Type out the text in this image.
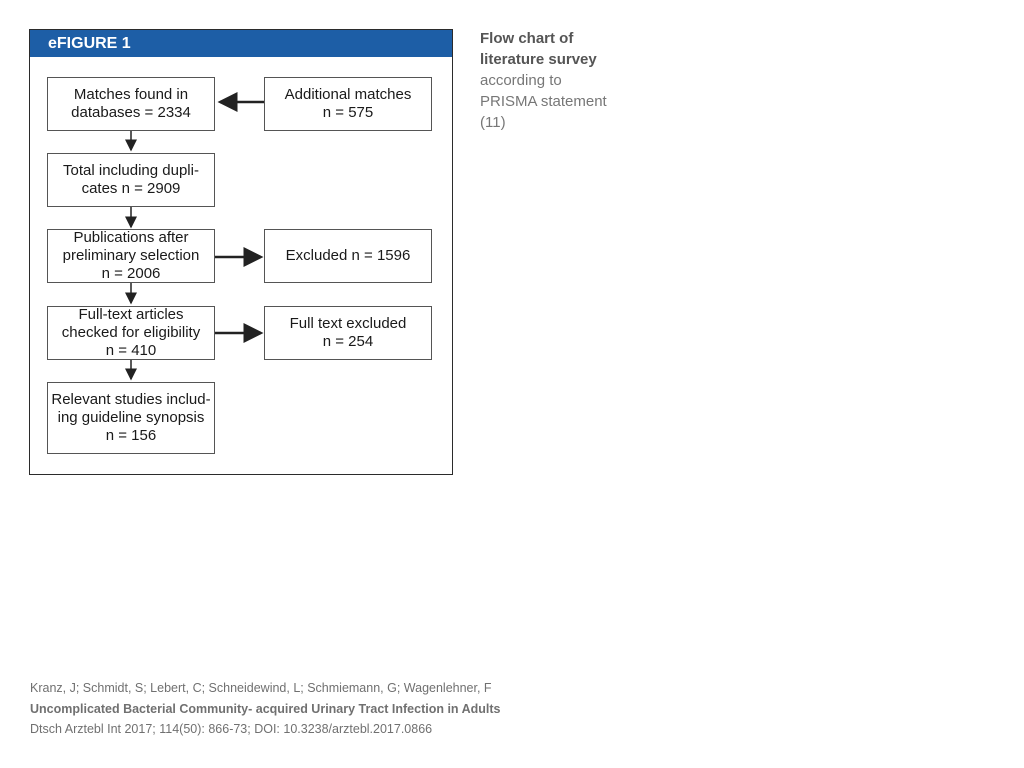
eFIGURE 1
Matches found in
databases = 2334
Additional matches
n = 575
Total including dupli-
cates n = 2909
Publications after
preliminary selection
n = 2006
Excluded n = 1596
Full-text articles
checked for eligibility
n = 410
Full text excluded
n = 254
Relevant studies includ-
ing guideline synopsis
n = 156
Flow chart of
literature survey
according to
PRISMA statement
(11)
Kranz, J; Schmidt, S; Lebert, C; Schneidewind, L; Schmiemann, G; Wagenlehner, F
Uncomplicated Bacterial Community- acquired Urinary Tract Infection in Adults
Dtsch Arztebl Int 2017; 114(50): 866-73; DOI: 10.3238/arztebl.2017.0866
